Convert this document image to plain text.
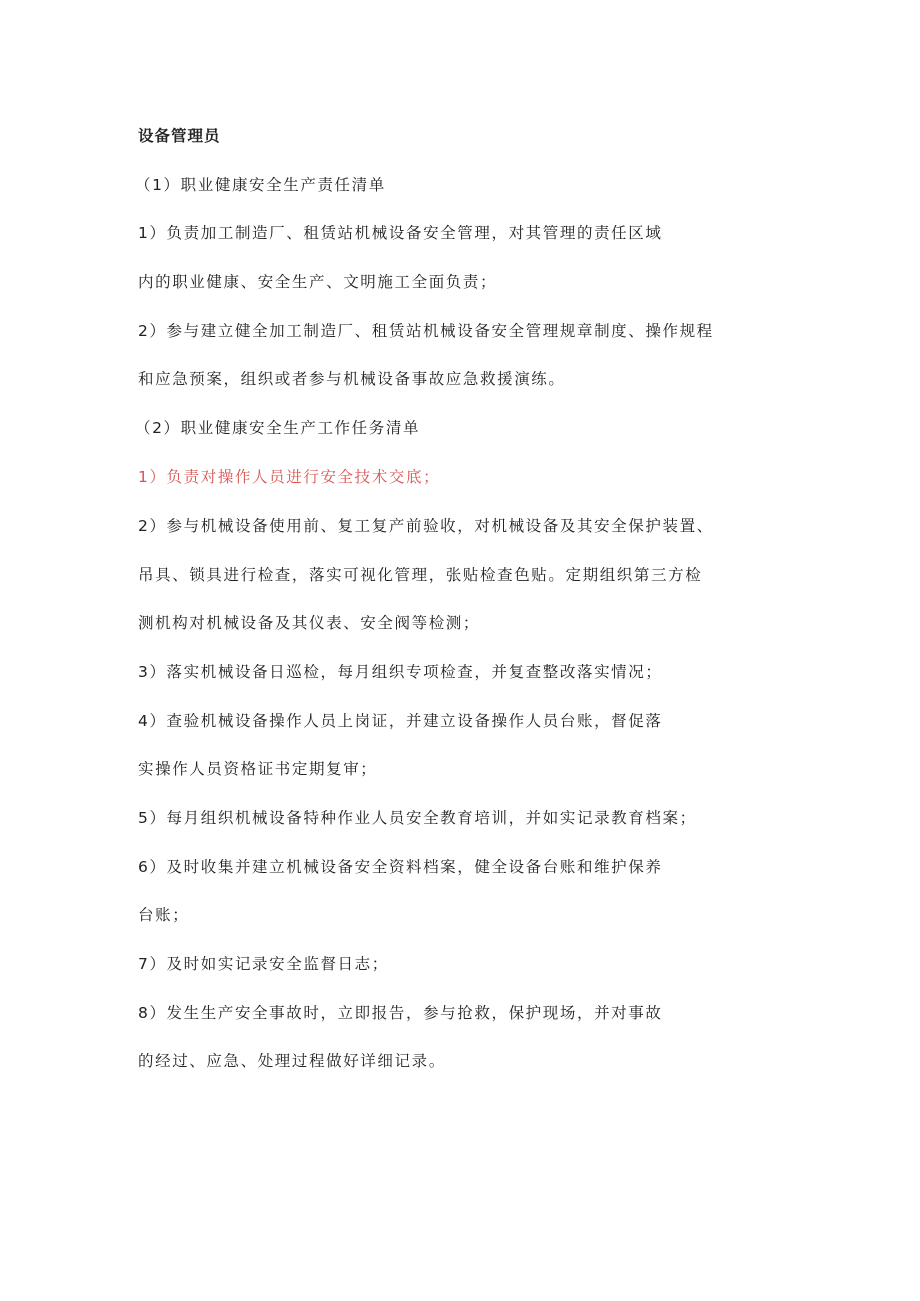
设备管理员
（1）职业健康安全生产责任清单
1）负责加工制造厂、租赁站机械设备安全管理，对其管理的责任区域
内的职业健康、安全生产、文明施工全面负责；
2）参与建立健全加工制造厂、租赁站机械设备安全管理规章制度、操作规程
和应急预案，组织或者参与机械设备事故应急救援演练。
（2）职业健康安全生产工作任务清单
1）负责对操作人员进行安全技术交底；
2）参与机械设备使用前、复工复产前验收，对机械设备及其安全保护装置、
吊具、锁具进行检查，落实可视化管理，张贴检查色贴。定期组织第三方检
测机构对机械设备及其仪表、安全阀等检测；
3）落实机械设备日巡检，每月组织专项检查，并复查整改落实情况；
4）查验机械设备操作人员上岗证，并建立设备操作人员台账，督促落
实操作人员资格证书定期复审；
5）每月组织机械设备特种作业人员安全教育培训，并如实记录教育档案；
6）及时收集并建立机械设备安全资料档案，健全设备台账和维护保养
台账；
7）及时如实记录安全监督日志；
8）发生生产安全事故时，立即报告，参与抢救，保护现场，并对事故
的经过、应急、处理过程做好详细记录。
